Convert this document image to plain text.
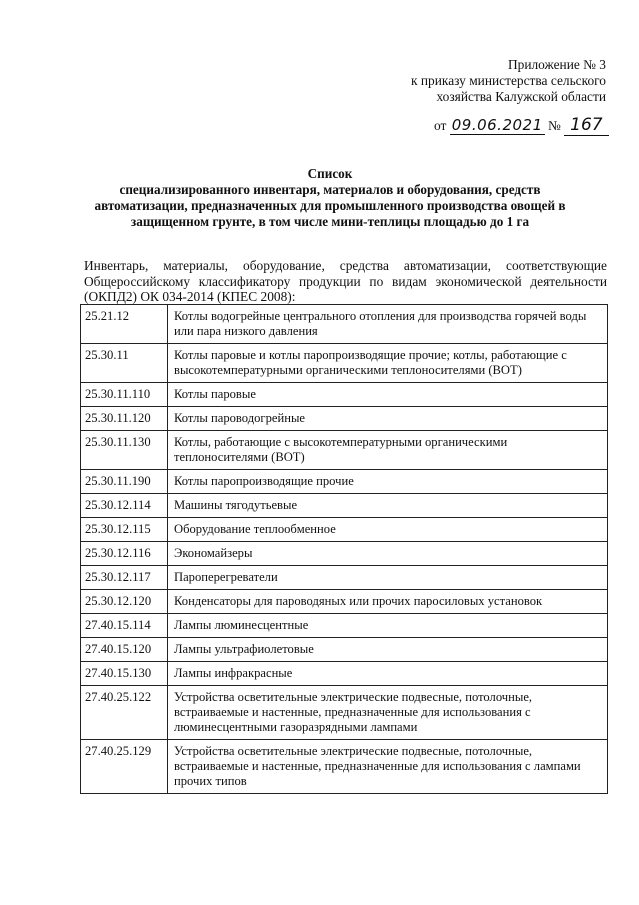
Приложение № 3
к приказу министерства сельского
хозяйства Калужской области
от 09.06.2021 № 167
Список
специализированного инвентаря, материалов и оборудования, средств
автоматизации, предназначенных для промышленного производства овощей в
защищенном грунте, в том числе мини-теплицы площадью до 1 га

Инвентарь, материалы, оборудование, средства автоматизации, соответствующие Общероссийскому классификатору продукции по видам экономической деятельности (ОКПД2) ОК 034-2014 (КПЕС 2008):

25.21.12	Котлы водогрейные центрального отопления для производства горячей воды или пара низкого давления
25.30.11	Котлы паровые и котлы паропроизводящие прочие; котлы, работающие с высокотемпературными органическими теплоносителями (ВОТ)
25.30.11.110	Котлы паровые
25.30.11.120	Котлы пароводогрейные
25.30.11.130	Котлы, работающие с высокотемпературными органическими теплоносителями (ВОТ)
25.30.11.190	Котлы паропроизводящие прочие
25.30.12.114	Машины тягодутьевые
25.30.12.115	Оборудование теплообменное
25.30.12.116	Экономайзеры
25.30.12.117	Пароперегреватели
25.30.12.120	Конденсаторы для пароводяных или прочих паросиловых установок
27.40.15.114	Лампы люминесцентные
27.40.15.120	Лампы ультрафиолетовые
27.40.15.130	Лампы инфракрасные
27.40.25.122	Устройства осветительные электрические подвесные, потолочные, встраиваемые и настенные, предназначенные для использования с люминесцентными газоразрядными лампами
27.40.25.129	Устройства осветительные электрические подвесные, потолочные, встраиваемые и настенные, предназначенные для использования с лампами прочих типов
